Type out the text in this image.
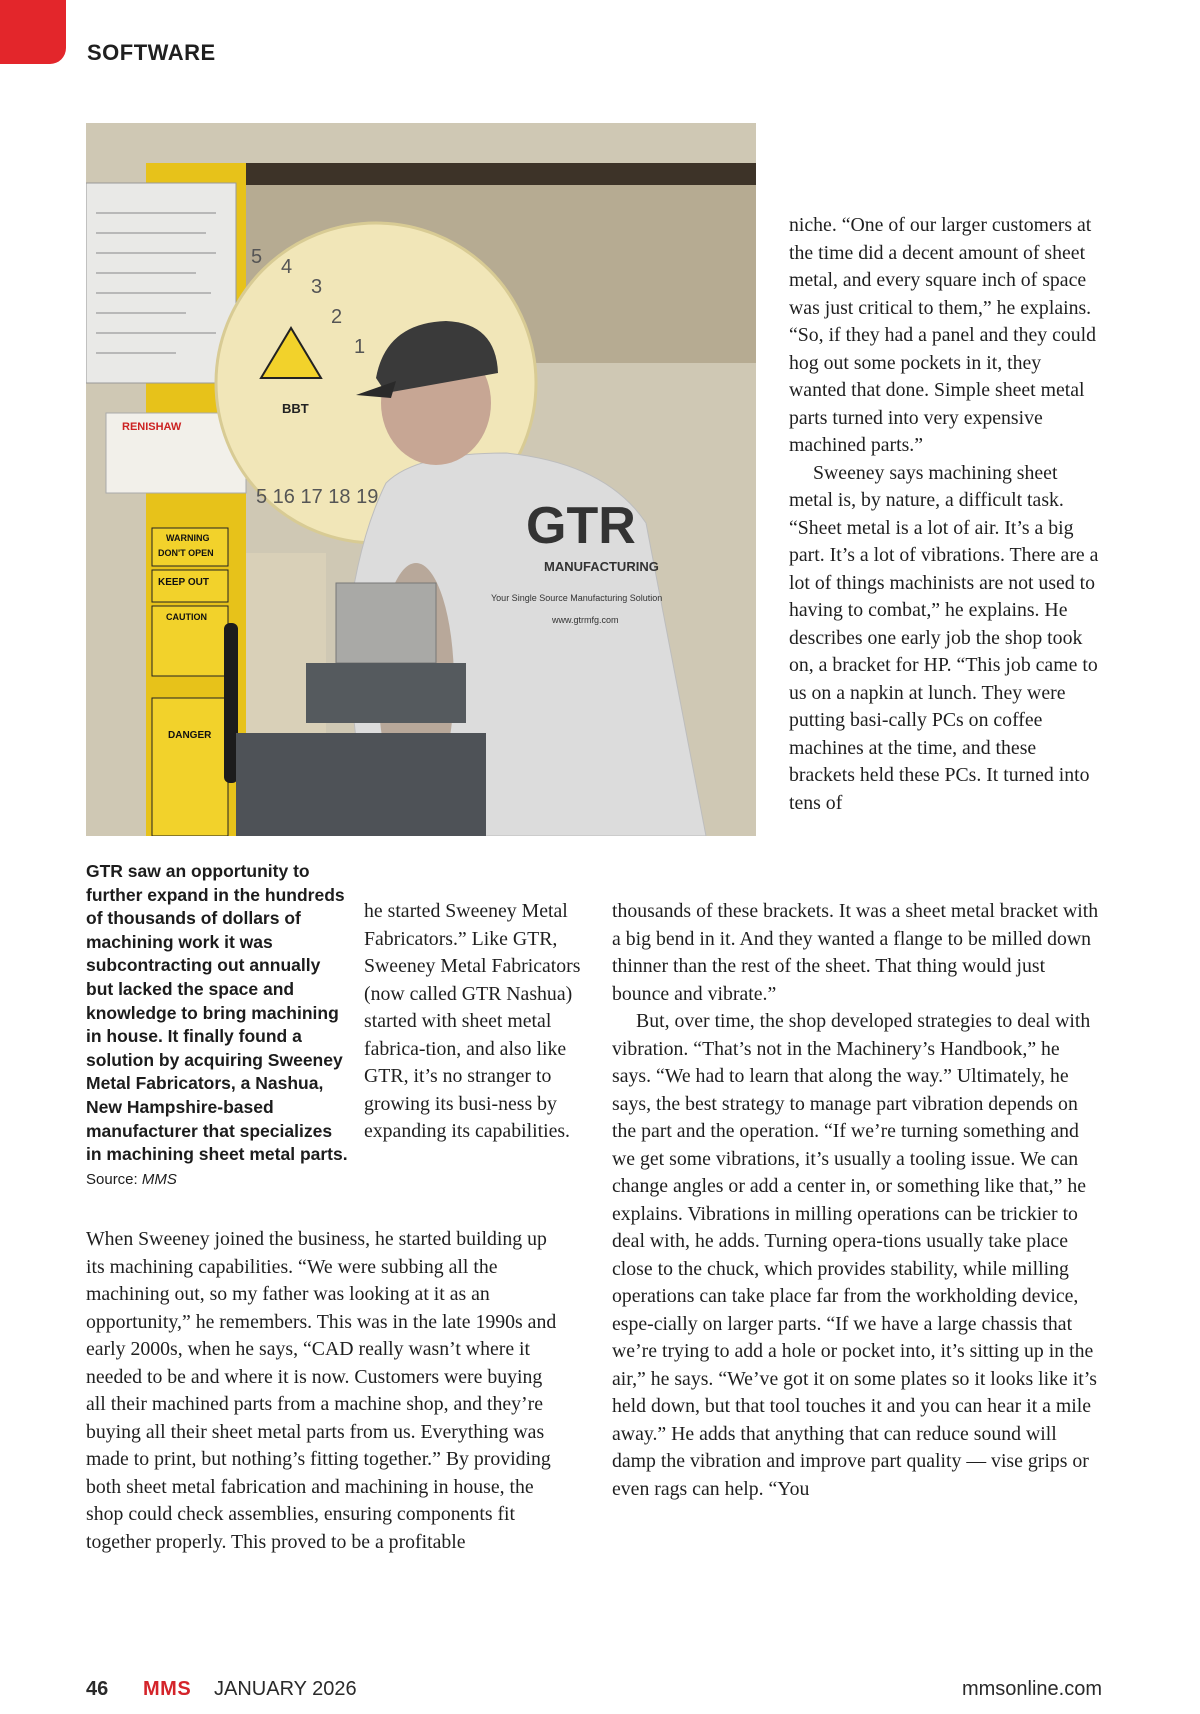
SOFTWARE
RENISHAW
WARNING
DON'T OPEN
KEEP OUT
CAUTION
DANGER
5 4
3
2
1
5 16 17 18 19
BBT
GTR
MANUFACTURING
Your Single Source Manufacturing Solution
www.gtrmfg.com
GTR saw an opportunity to further expand in the hundreds of thousands of dollars of machining work it was subcontracting out annually but lacked the space and knowledge to bring machining in house. It finally found a solution by acquiring Sweeney Metal Fabricators, a Nashua, New Hampshire-based manufacturer that specializes in machining sheet metal parts. Source: MMS

he started Sweeney Metal Fabricators.” Like GTR, Sweeney Metal Fabricators (now called GTR Nashua) started with sheet metal fabrica-tion, and also like GTR, it’s no stranger to growing its busi-ness by expanding its capabilities.

When Sweeney joined the business, he started building up its machining capabilities. “We were subbing all the machining out, so my father was looking at it as an opportunity,” he remembers. This was in the late 1990s and early 2000s, when he says, “CAD really wasn’t where it needed to be and where it is now. Customers were buying all their machined parts from a machine shop, and they’re buying all their sheet metal parts from us. Everything was made to print, but nothing’s fitting together.” By providing both sheet metal fabrication and machining in house, the shop could check assemblies, ensuring components fit together properly. This proved to be a profitable

niche. “One of our larger customers at the time did a decent amount of sheet metal, and every square inch of space was just critical to them,” he explains. “So, if they had a panel and they could hog out some pockets in it, they wanted that done. Simple sheet metal parts turned into very expensive machined parts.”

Sweeney says machining sheet metal is, by nature, a difficult task. “Sheet metal is a lot of air. It’s a big part. It’s a lot of vibrations. There are a lot of things machinists are not used to having to combat,” he explains. He describes one early job the shop took on, a bracket for HP. “This job came to us on a napkin at lunch. They were putting basi-cally PCs on coffee machines at the time, and these brackets held these PCs. It turned into tens of

thousands of these brackets. It was a sheet metal bracket with a big bend in it. And they wanted a flange to be milled down thinner than the rest of the sheet. That thing would just bounce and vibrate.”

But, over time, the shop developed strategies to deal with vibration. “That’s not in the Machinery’s Handbook,” he says. “We had to learn that along the way.” Ultimately, he says, the best strategy to manage part vibration depends on the part and the operation. “If we’re turning something and we get some vibrations, it’s usually a tooling issue. We can change angles or add a center in, or something like that,” he explains. Vibrations in milling operations can be trickier to deal with, he adds. Turning opera-tions usually take place close to the chuck, which provides stability, while milling operations can take place far from the workholding device, espe-cially on larger parts. “If we have a large chassis that we’re trying to add a hole or pocket into, it’s sitting up in the air,” he says. “We’ve got it on some plates so it looks like it’s held down, but that tool touches it and you can hear it a mile away.” He adds that anything that can reduce sound will damp the vibration and improve part quality — vise grips or even rags can help. “You

46 MMS JANUARY 2026	mmsonline.com
